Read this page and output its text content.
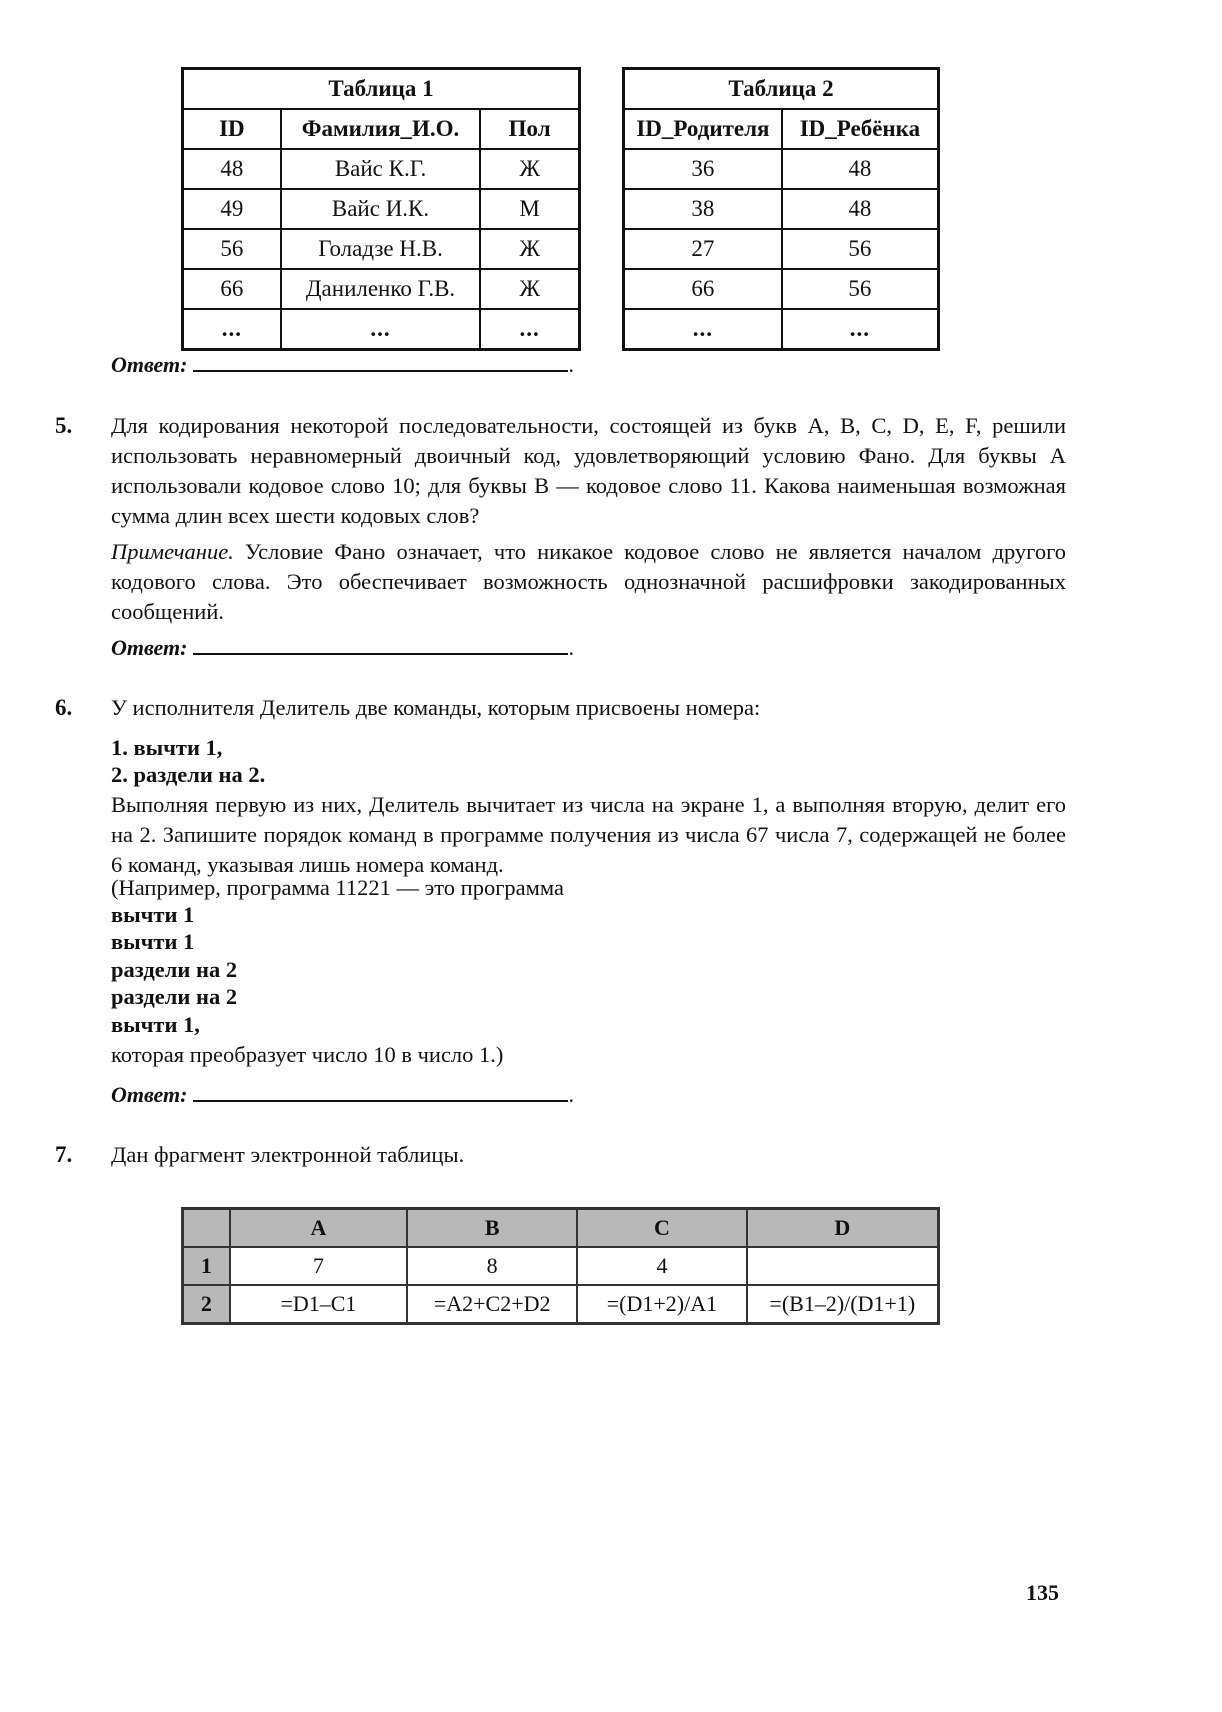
Таблица 1		
ID	Фамилия_И.О.	Пол
48	Вайс К.Г.	Ж
49	Вайс И.К.	М
56	Голадзе Н.В.	Ж
66	Даниленко Г.В.	Ж
...	...	...
Таблица 2	
ID_Родителя	ID_Ребёнка
36	48
38	48
27	56
66	56
...	...
Ответ:	.
5. Для кодирования некоторой последовательности, состоящей из букв А, B, C, D, E, F, решили использовать неравномерный двоичный код, удовлетворяющий условию Фано. Для буквы А использовали кодовое слово 10; для буквы B — кодовое слово 11. Какова наименьшая возможная сумма длин всех шести кодовых слов?
Примечание. Условие Фано означает, что никакое кодовое слово не является началом другого кодового слова. Это обеспечивает возможность однозначной расшифровки закодированных сообщений.
Ответ:	.
6. У исполнителя Делитель две команды, которым присвоены номера:
1. вычти 1,
2. раздели на 2.
Выполняя первую из них, Делитель вычитает из числа на экране 1, а выполняя вторую, делит его на 2. Запишите порядок команд в программе получения из числа 67 числа 7, содержащей не более 6 команд, указывая лишь номера команд.
(Например, программа 11221 — это программа
вычти 1
вычти 1
раздели на 2
раздели на 2
вычти 1,
которая преобразует число 10 в число 1.)
Ответ:	.
7. Дан фрагмент электронной таблицы.
	A	B	C	D
1	7	8	4	
2	=D1–C1	=A2+C2+D2	=(D1+2)/A1	=(B1–2)/(D1+1)
135
